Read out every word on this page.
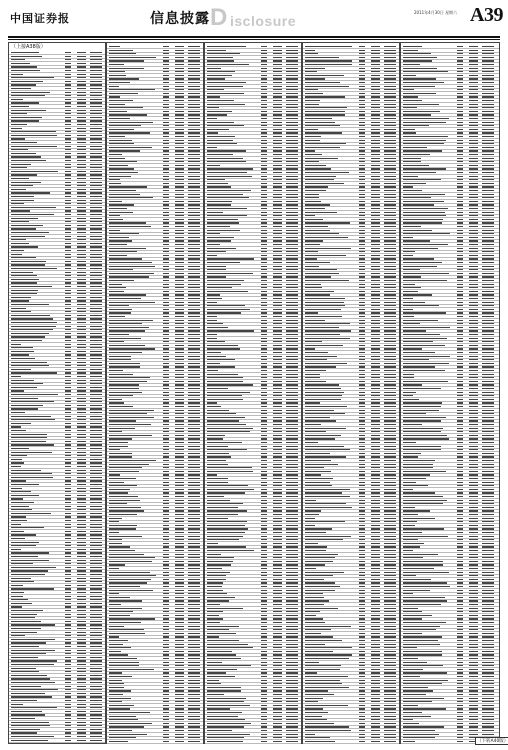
中国证券报	信息披露 D isclosure
2011年4月30日 星期六 A39
（上接A38版）
（下转A40版）
